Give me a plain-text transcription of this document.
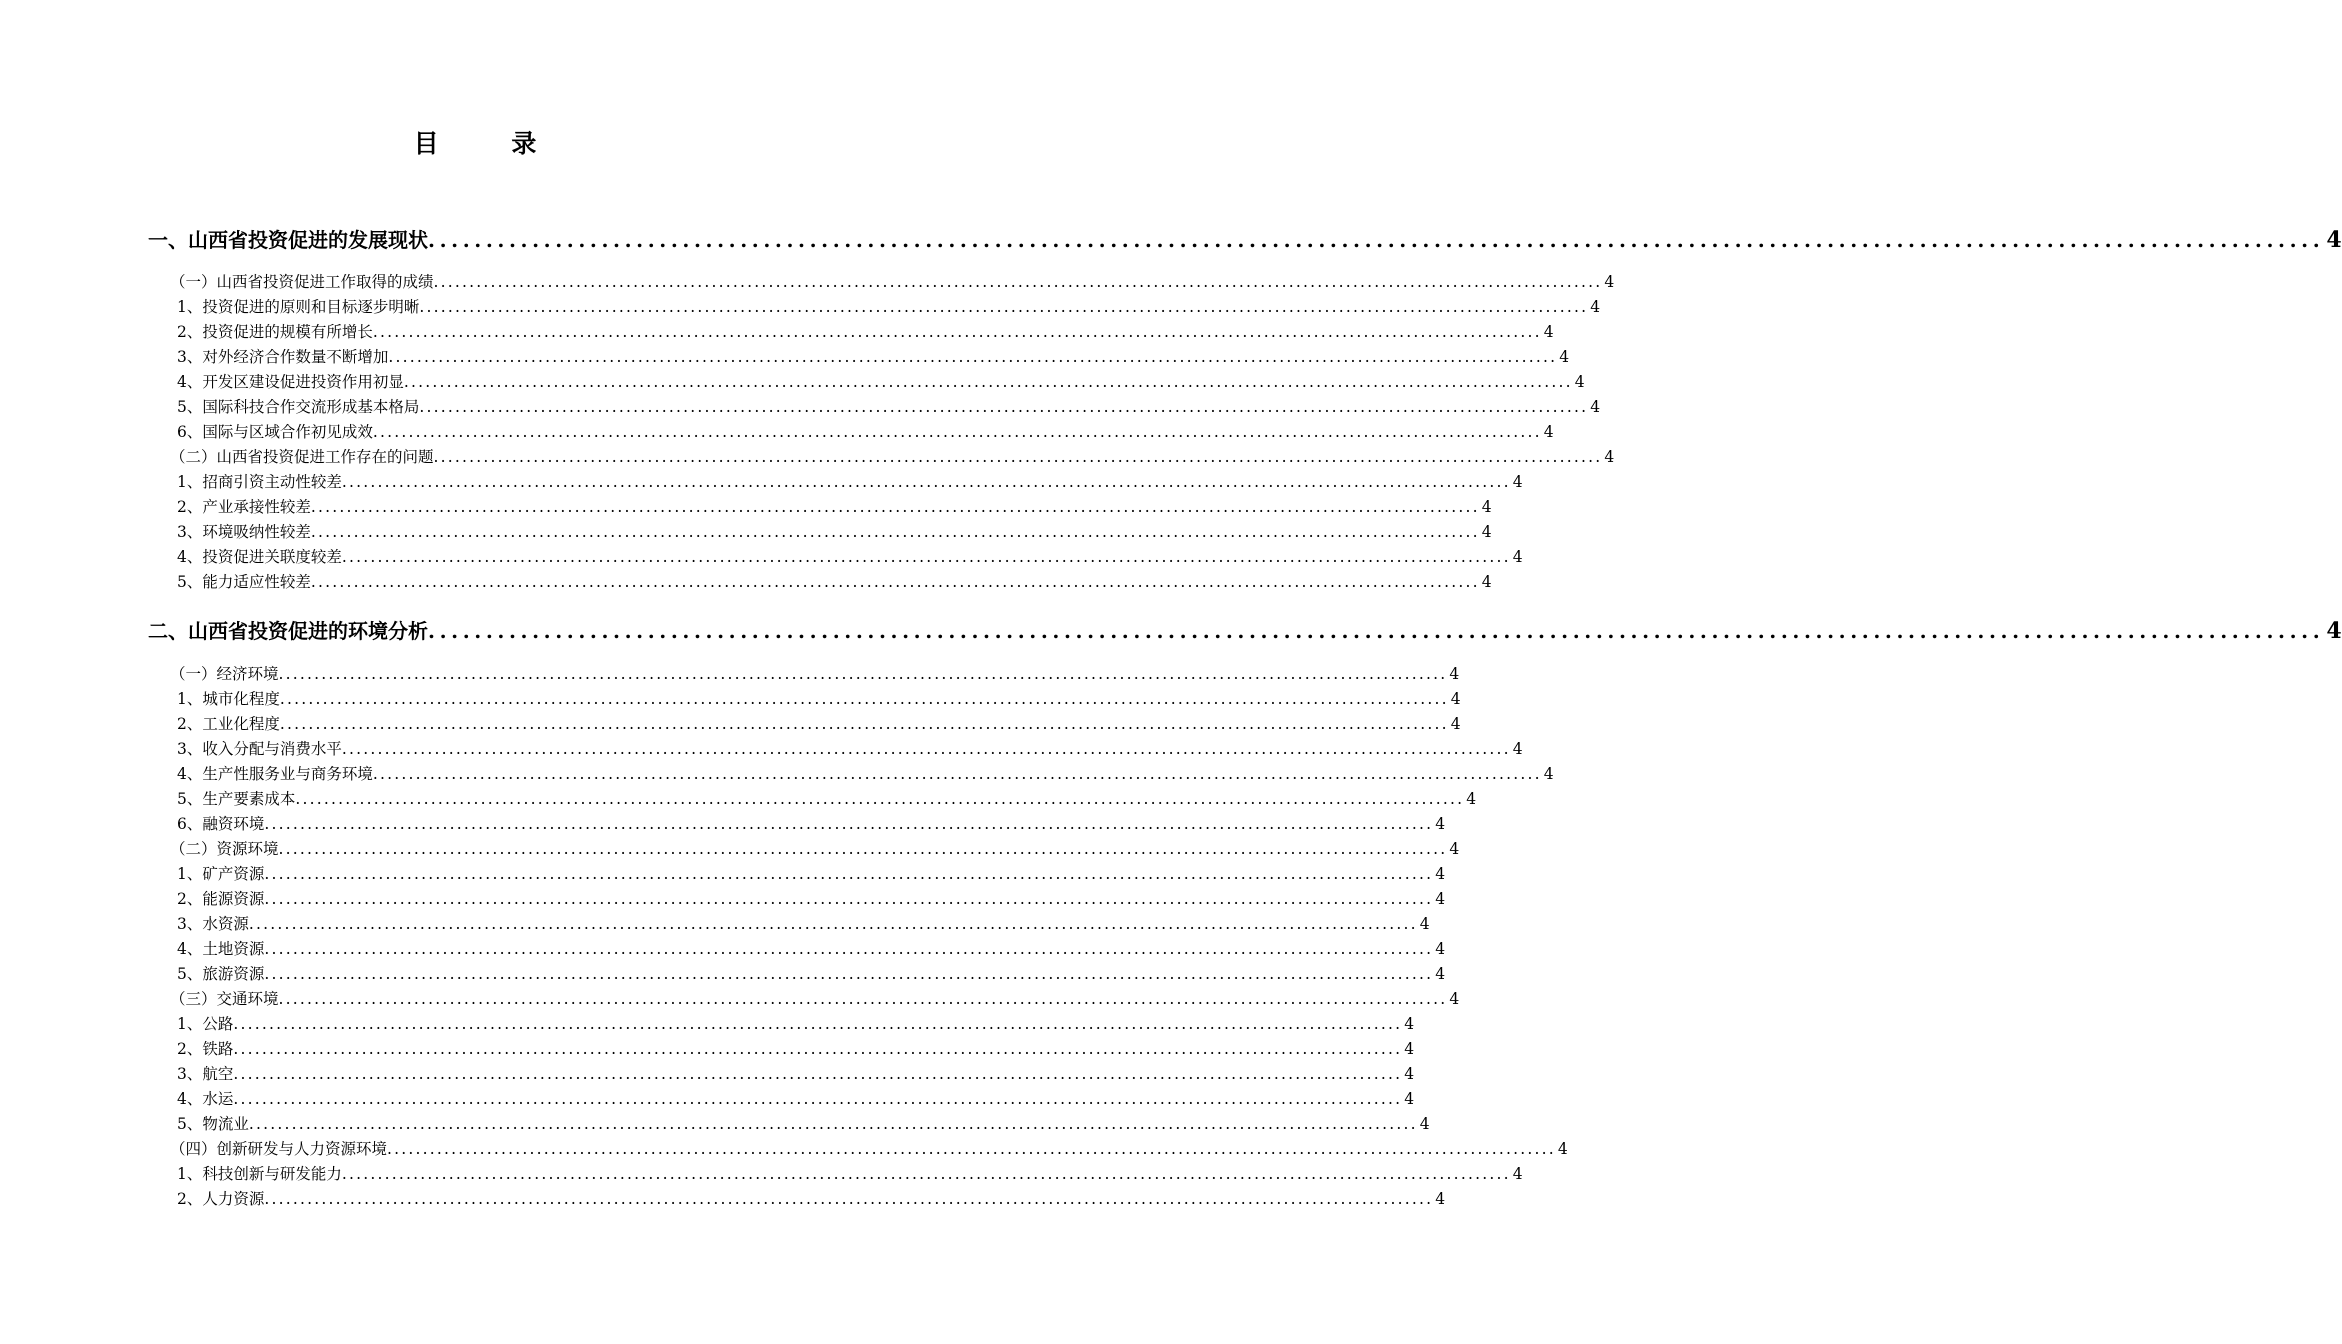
目 录
一、山西省投资促进的发展现状 .................................................................................................................................................................... 4
（一）山西省投资促进工作取得的成绩 .................................................................................................................................................................... 4
1、投资促进的原则和目标逐步明晰 .................................................................................................................................................................... 4
2、投资促进的规模有所增长 .................................................................................................................................................................... 4
3、对外经济合作数量不断增加 .................................................................................................................................................................... 4
4、开发区建设促进投资作用初显 .................................................................................................................................................................... 4
5、国际科技合作交流形成基本格局 .................................................................................................................................................................... 4
6、国际与区域合作初见成效 .................................................................................................................................................................... 4
（二）山西省投资促进工作存在的问题 .................................................................................................................................................................... 4
1、招商引资主动性较差 .................................................................................................................................................................... 4
2、产业承接性较差 .................................................................................................................................................................... 4
3、环境吸纳性较差 .................................................................................................................................................................... 4
4、投资促进关联度较差 .................................................................................................................................................................... 4
5、能力适应性较差 .................................................................................................................................................................... 4
二、山西省投资促进的环境分析 .................................................................................................................................................................... 4
（一）经济环境 .................................................................................................................................................................... 4
1、城市化程度 .................................................................................................................................................................... 4
2、工业化程度 .................................................................................................................................................................... 4
3、收入分配与消费水平 .................................................................................................................................................................... 4
4、生产性服务业与商务环境 .................................................................................................................................................................... 4
5、生产要素成本 .................................................................................................................................................................... 4
6、融资环境 .................................................................................................................................................................... 4
（二）资源环境 .................................................................................................................................................................... 4
1、矿产资源 .................................................................................................................................................................... 4
2、能源资源 .................................................................................................................................................................... 4
3、水资源 .................................................................................................................................................................... 4
4、土地资源 .................................................................................................................................................................... 4
5、旅游资源 .................................................................................................................................................................... 4
（三）交通环境 .................................................................................................................................................................... 4
1、公路 .................................................................................................................................................................... 4
2、铁路 .................................................................................................................................................................... 4
3、航空 .................................................................................................................................................................... 4
4、水运 .................................................................................................................................................................... 4
5、物流业 .................................................................................................................................................................... 4
（四）创新研发与人力资源环境 .................................................................................................................................................................... 4
1、科技创新与研发能力 .................................................................................................................................................................... 4
2、人力资源 .................................................................................................................................................................... 4
